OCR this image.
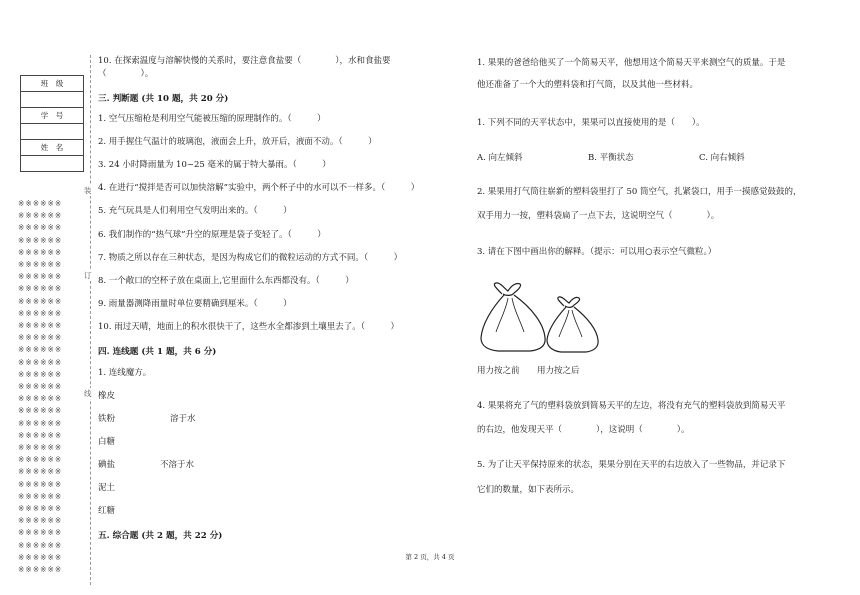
班　级

学　号

姓　名

※※※※※※
※※※※※※
※※※※※※
※※※※※※
※※※※※※
※※※※※※
※※※※※※
※※※※※※
※※※※※※
※※※※※※
※※※※※※
※※※※※※
※※※※※※
※※※※※※
※※※※※※
※※※※※※
※※※※※※
※※※※※※
※※※※※※
※※※※※※
※※※※※※
※※※※※※
※※※※※※
※※※※※※
※※※※※※
※※※※※※
※※※※※※
※※※※※※
※※※※※※
※※※※※※
※※※※※※
装
订
线
10. 在探索温度与溶解快慢的关系时，要注意食盐要（　　　　），水和食盐要
（　　　　）。
三. 判断题 (共 10 题，共 20 分)
1. 空气压缩枪是利用空气能被压缩的原理制作的。（　　　）
2. 用手握住气温计的玻璃泡，液面会上升，放开后，液面不动。（　　　）
3. 24 小时降雨量为 10~25 毫米的属于特大暴雨。（　　　）
4. 在进行“搅拌是否可以加快溶解”实验中，两个杯子中的水可以不一样多。（　　　）
5. 充气玩具是人们利用空气发明出来的。（　　　）
6. 我们制作的“热气球”升空的原理是袋子变轻了。（　　　）
7. 物质之所以存在三种状态，是因为构成它们的微粒运动的方式不同。（　　　）
8. 一个敞口的空杯子放在桌面上,它里面什么东西都没有。（　　　）
9. 雨量器测降雨量时单位要精确到厘米。（　　　）
10. 雨过天晴，地面上的积水很快干了，这些水全都渗到土壤里去了。（　　　）
四. 连线题 (共 1 题，共 6 分)
1. 连线魔方。
橡皮
铁粉
白糖
碘盐
泥土
红糖
溶于水
不溶于水
五. 综合题 (共 2 题，共 22 分)
1. 果果的爸爸给他买了一个简易天平，他想用这个简易天平来测空气的质量。于是
他还准备了一个大的塑料袋和打气筒，以及其他一些材料。
1. 下列不同的天平状态中，果果可以直接使用的是（　　）。
A. 向左倾斜	B. 平衡状态	C. 向右倾斜
2. 果果用打气筒往崭新的塑料袋里打了 50 筒空气，扎紧袋口，用手一摸感觉鼓鼓的，
双手用力一按，塑料袋扁了一点下去，这说明空气（　　　　）。
3. 请在下图中画出你的解释。（提示：可以用○表示空气微粒。）
用力按之前 用力按之后
4. 果果将充了气的塑料袋放到简易天平的左边，将没有充气的塑料袋放到简易天平
的右边，他发现天平（　　　　），这说明（　　　　）。
5. 为了让天平保持原来的状态，果果分别在天平的右边放入了一些物品，并记录下
它们的数量，如下表所示。
第 2 页，共 4 页
